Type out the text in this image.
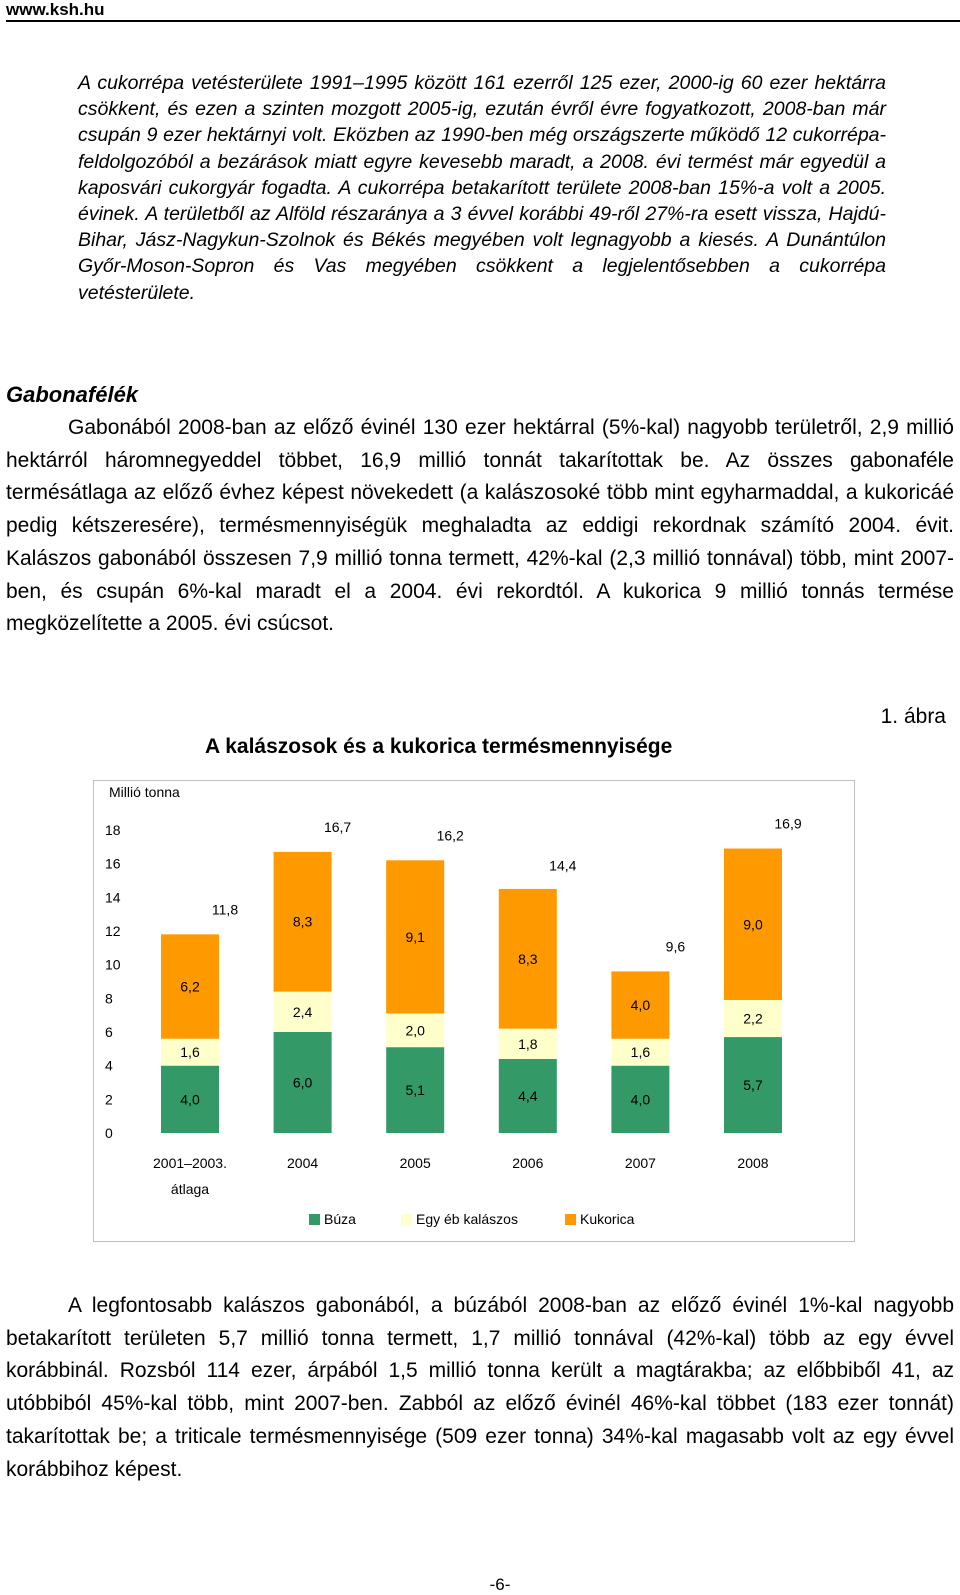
www.ksh.hu

A cukorrépa vetésterülete 1991–1995 között 161 ezerről 125 ezer, 2000-ig 60 ezer hektárra csökkent, és ezen a szinten mozgott 2005-ig, ezután évről évre fogyatkozott, 2008-ban már csupán 9 ezer hektárnyi volt. Eközben az 1990-ben még országszerte működő 12 cukorrépa-feldolgozóból a bezárások miatt egyre kevesebb maradt, a 2008. évi termést már egyedül a kaposvári cukorgyár fogadta. A cukorrépa betakarított területe 2008-ban 15%-a volt a 2005. évinek. A területből az Alföld részaránya a 3 évvel korábbi 49-ről 27%-ra esett vissza, Hajdú-Bihar, Jász-Nagykun-Szolnok és Békés megyében volt legnagyobb a kiesés. A Dunántúlon Győr-Moson-Sopron és Vas megyében csökkent a legjelentősebben a cukorrépa vetésterülete.

Gabonafélék

Gabonából 2008-ban az előző évinél 130 ezer hektárral (5%-kal) nagyobb területről, 2,9 millió hektárról háromnegyeddel többet, 16,9 millió tonnát takarítottak be. Az összes gabonaféle termésátlaga az előző évhez képest növekedett (a kalászosoké több mint egyharmaddal, a kukoricáé pedig kétszeresére), termésmennyiségük meghaladta az eddigi rekordnak számító 2004. évit. Kalászos gabonából összesen 7,9 millió tonna termett, 42%-kal (2,3 millió tonnával) több, mint 2007-ben, és csupán 6%-kal maradt el a 2004. évi rekordtól. A kukorica 9 millió tonnás termése megközelítette a 2005. évi csúcsot.

1. ábra

A kalászosok és a kukorica termésmennyisége

Millió tonna
0
2
4
6
8
10
12
14
16
18
4,0
1,6
6,2
11,8
6,0
2,4
8,3
16,7
5,1
2,0
9,1
16,2
4,4
1,8
8,3
14,4
4,0
1,6
4,0
9,6
5,7
2,2
9,0
16,9
2001–2003.
átlaga
2004	2005	2006	2007	2008
Búza	Egy éb kalászos	Kukorica

A legfontosabb kalászos gabonából, a búzából 2008-ban az előző évinél 1%-kal nagyobb betakarított területen 5,7 millió tonna termett, 1,7 millió tonnával (42%-kal) több az egy évvel korábbinál. Rozsból 114 ezer, árpából 1,5 millió tonna került a magtárakba; az előbbiből 41, az utóbbiból 45%-kal több, mint 2007-ben. Zabból az előző évinél 46%-kal többet (183 ezer tonnát) takarítottak be; a triticale termésmennyisége (509 ezer tonna) 34%-kal magasabb volt az egy évvel korábbihoz képest.

-6-
